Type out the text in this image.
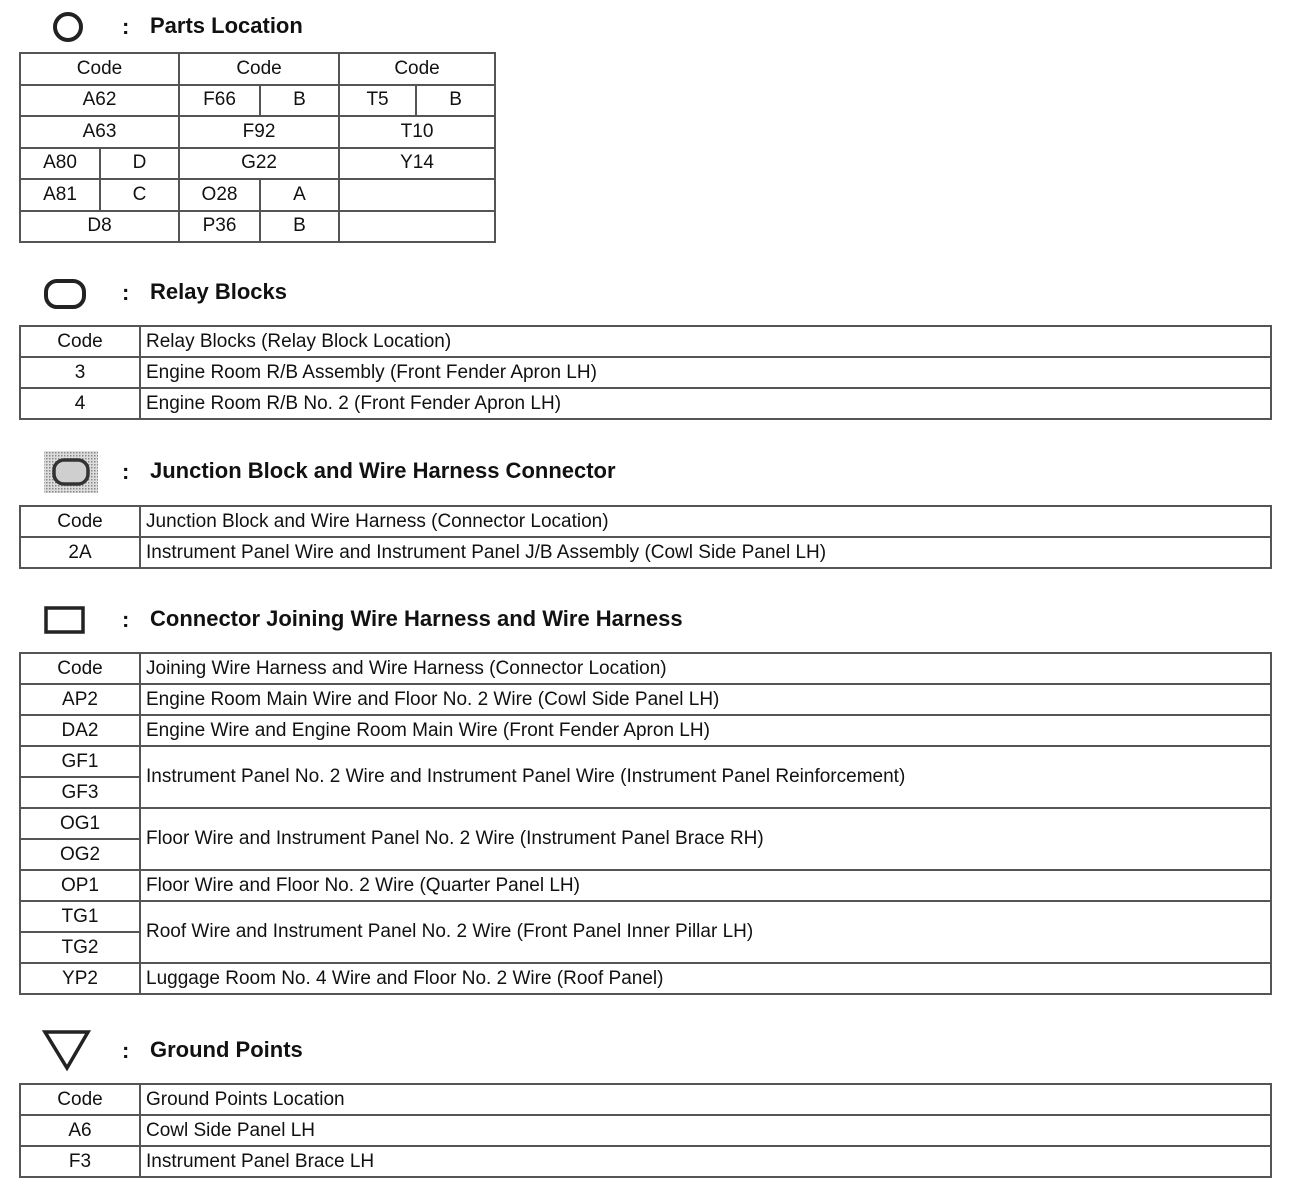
: Parts Location
Code		Code		Code	
A62		F66	B	T5	B
A63		F92		T10	
A80	D	G22		Y14	
A81	C	O28	A		
D8		P36	B		
: Relay Blocks
Code	Relay Blocks (Relay Block Location)
3	Engine Room R/B Assembly (Front Fender Apron LH)
4	Engine Room R/B No. 2 (Front Fender Apron LH)
: Junction Block and Wire Harness Connector
Code	Junction Block and Wire Harness (Connector Location)
2A	Instrument Panel Wire and Instrument Panel J/B Assembly (Cowl Side Panel LH)
: Connector Joining Wire Harness and Wire Harness
Code	Joining Wire Harness and Wire Harness (Connector Location)
AP2	Engine Room Main Wire and Floor No. 2 Wire (Cowl Side Panel LH)
DA2	Engine Wire and Engine Room Main Wire (Front Fender Apron LH)
GF1	Instrument Panel No. 2 Wire and Instrument Panel Wire (Instrument Panel Reinforcement)
GF3	
OG1	Floor Wire and Instrument Panel No. 2 Wire (Instrument Panel Brace RH)
OG2	
OP1	Floor Wire and Floor No. 2 Wire (Quarter Panel LH)
TG1	Roof Wire and Instrument Panel No. 2 Wire (Front Panel Inner Pillar LH)
TG2	
YP2	Luggage Room No. 4 Wire and Floor No. 2 Wire (Roof Panel)
: Ground Points
Code	Ground Points Location
A6	Cowl Side Panel LH
F3	Instrument Panel Brace LH
